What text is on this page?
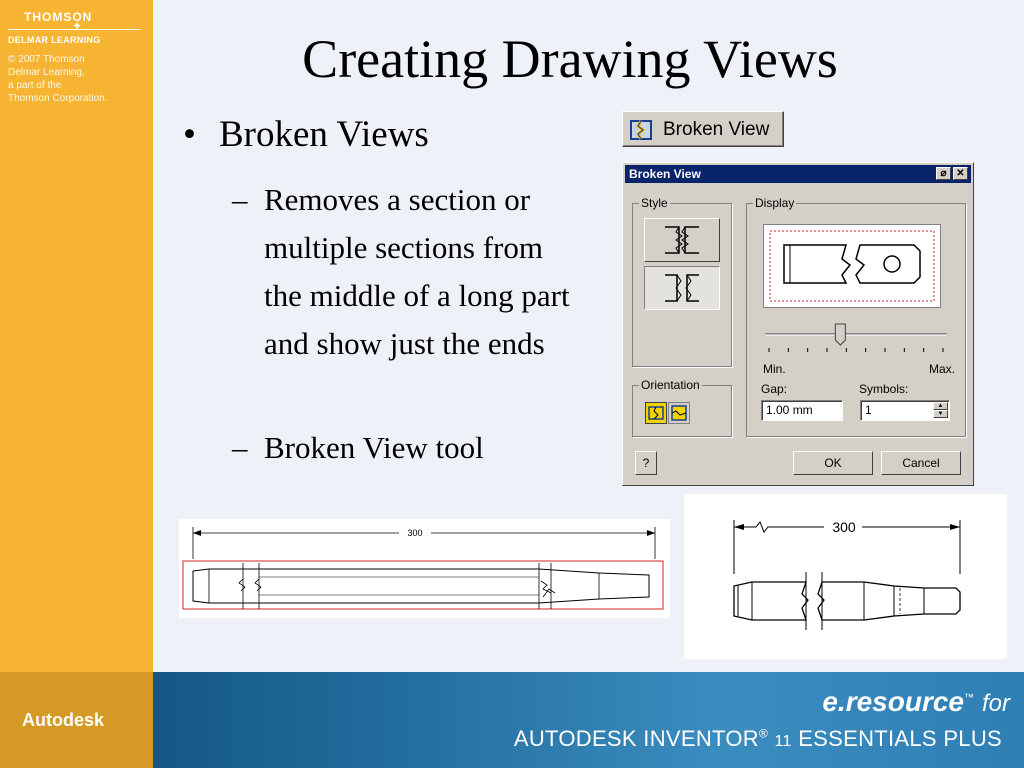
THOMSON
✦
DELMAR LEARNING
© 2007 Thomson
Delmar Learning,
a part of the
Thomson Corporation.
Creating Drawing Views
• Broken Views
– Removes a section or multiple sections from the middle of a long part and show just the ends
– Broken View tool
Broken View
Broken View	⌀ ✕
Style
Orientation
Display
Min.	Max.
Gap:	Symbols:
1.00 mm	1	▲
▼
?	OK	Cancel
300	300
Autodesk
e.resource™ for
AUTODESK INVENTOR® 11 ESSENTIALS PLUS
